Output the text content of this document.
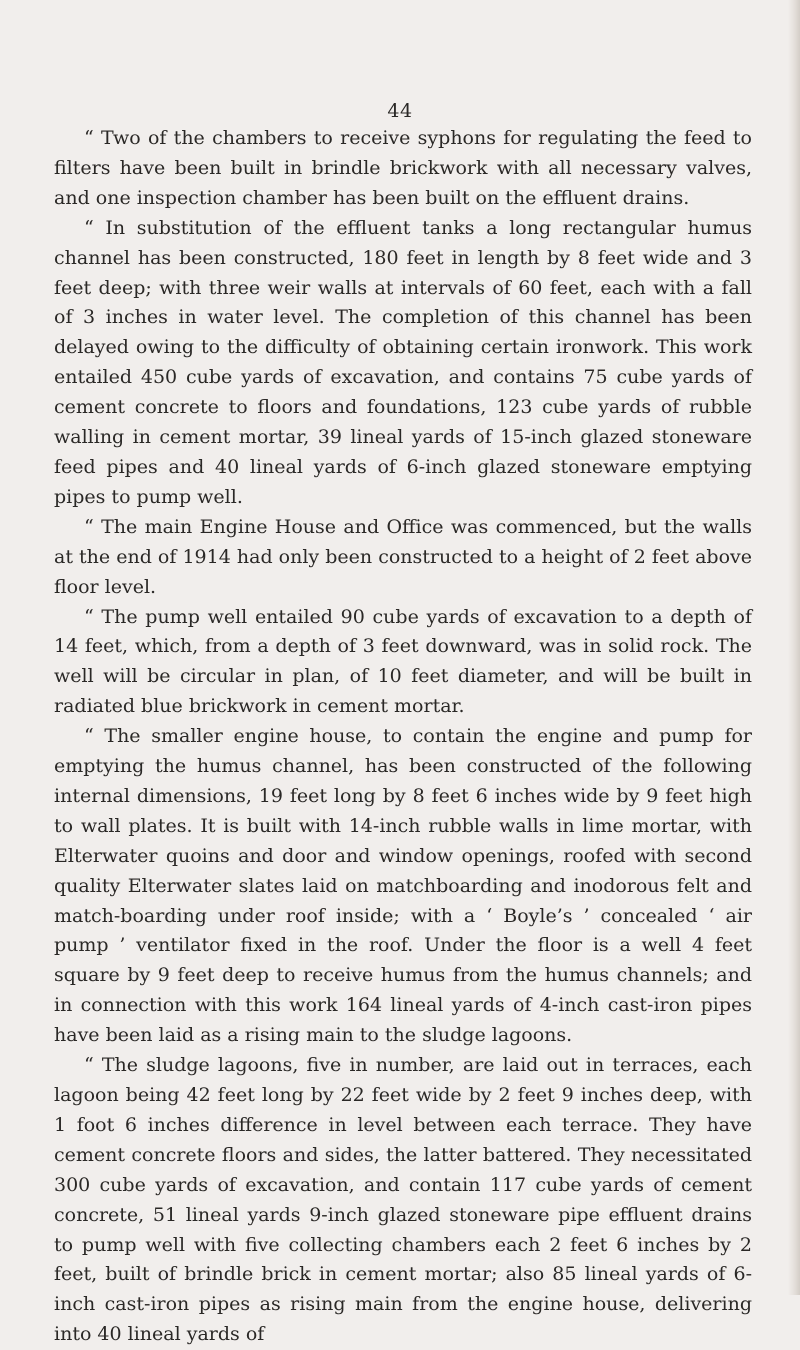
44

“ Two of the chambers to receive syphons for regulating the feed to filters have been built in brindle brickwork with all necessary valves, and one inspection chamber has been built on the effluent drains.

“ In substitution of the effluent tanks a long rectangular humus channel has been constructed, 180 feet in length by 8 feet wide and 3 feet deep; with three weir walls at intervals of 60 feet, each with a fall of 3 inches in water level. The completion of this channel has been delayed owing to the difficulty of obtaining certain ironwork. This work entailed 450 cube yards of excavation, and contains 75 cube yards of cement concrete to floors and foundations, 123 cube yards of rubble walling in cement mortar, 39 lineal yards of 15-inch glazed stoneware feed pipes and 40 lineal yards of 6-inch glazed stoneware emptying pipes to pump well.

“ The main Engine House and Office was commenced, but the walls at the end of 1914 had only been constructed to a height of 2 feet above floor level.

“ The pump well entailed 90 cube yards of excavation to a depth of 14 feet, which, from a depth of 3 feet downward, was in solid rock. The well will be circular in plan, of 10 feet diameter, and will be built in radiated blue brickwork in cement mortar.

“ The smaller engine house, to contain the engine and pump for emptying the humus channel, has been constructed of the following internal dimensions, 19 feet long by 8 feet 6 inches wide by 9 feet high to wall plates. It is built with 14-inch rubble walls in lime mortar, with Elterwater quoins and door and window openings, roofed with second quality Elterwater slates laid on matchboarding and inodorous felt and match-boarding under roof inside; with a ‘ Boyle’s ’ concealed ‘ air pump ’ ventilator fixed in the roof. Under the floor is a well 4 feet square by 9 feet deep to receive humus from the humus channels; and in connection with this work 164 lineal yards of 4-inch cast-iron pipes have been laid as a rising main to the sludge lagoons.

“ The sludge lagoons, five in number, are laid out in terraces, each lagoon being 42 feet long by 22 feet wide by 2 feet 9 inches deep, with 1 foot 6 inches difference in level between each terrace. They have cement concrete floors and sides, the latter battered. They necessitated 300 cube yards of excavation, and contain 117 cube yards of cement concrete, 51 lineal yards 9-inch glazed stoneware pipe effluent drains to pump well with five collecting chambers each 2 feet 6 inches by 2 feet, built of brindle brick in cement mortar; also 85 lineal yards of 6-inch cast-iron pipes as rising main from the engine house, delivering into 40 lineal yards of
